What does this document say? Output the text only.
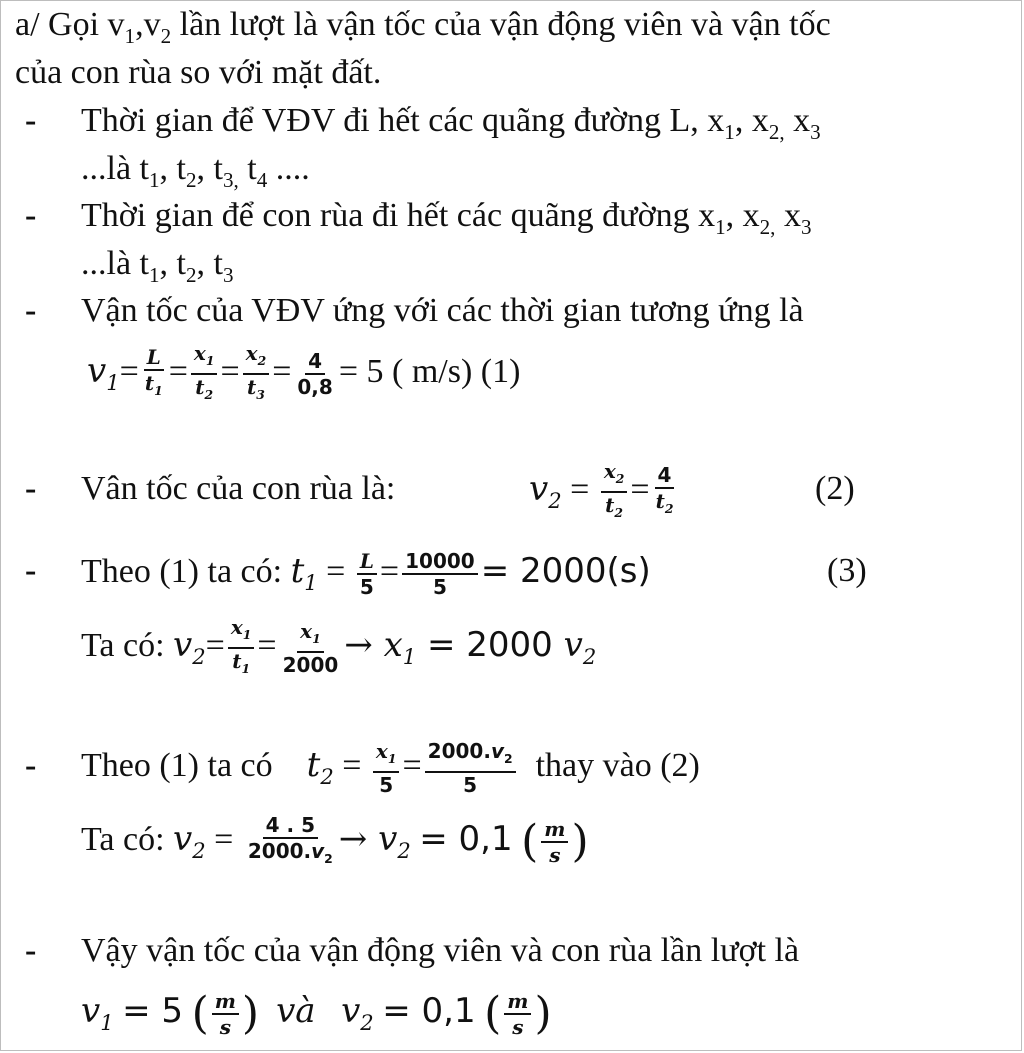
a/ Gọi $v_1,v_2$ lần lượt là vận tốc của vận động viên và vận tốc
của con rùa so với mặt đất.
- Thời gian để VĐV đi hết các quãng đường L, $x_1$, $x_{2,}$ $x_3$
...là $t_1$, $t_2$, $t_{3,}$ $t_4$ ....
- Thời gian để con rùa đi hết các quãng đường $x_1$, $x_{2,}$ $x_3$
...là $t_1$, $t_2$, $t_3$
- Vận tốc của VĐV ứng với các thời gian tương ứng là
$v_1= \frac{L}{t_1} = \frac{x_1}{t_2} = \frac{x_2}{t_3} = \frac{4}{0,8} = 5$ ( m/s) (1)
- Vân tốc của con rùa là:	$v_2 = \frac{x_2}{t_2} = \frac{4}{t_2}$	(2)
- Theo (1) ta có: $t_1 = \frac{L}{5} = \frac{10000}{5} = 2000(s)$	(3)
Ta có: $v_2= \frac{x_1}{t_1} = \frac{x_1}{2000} \to x_1 = 2000$ $v_2$
- Theo (1) ta có $t_2 = \frac{x_1}{5} = \frac{2000.v_2}{5}$ thay vào (2)
Ta có: $v_2 = \frac{4 . 5}{2000.v_2} \to v_2 = 0,1$ ( $\frac{m}{s}$ )
- Vậy vận tốc của vận động viên và con rùa lần lượt là
$v_1 = 5$ ( $\frac{m}{s}$ ) và $v_2 = 0,1$ ( $\frac{m}{s}$ )
